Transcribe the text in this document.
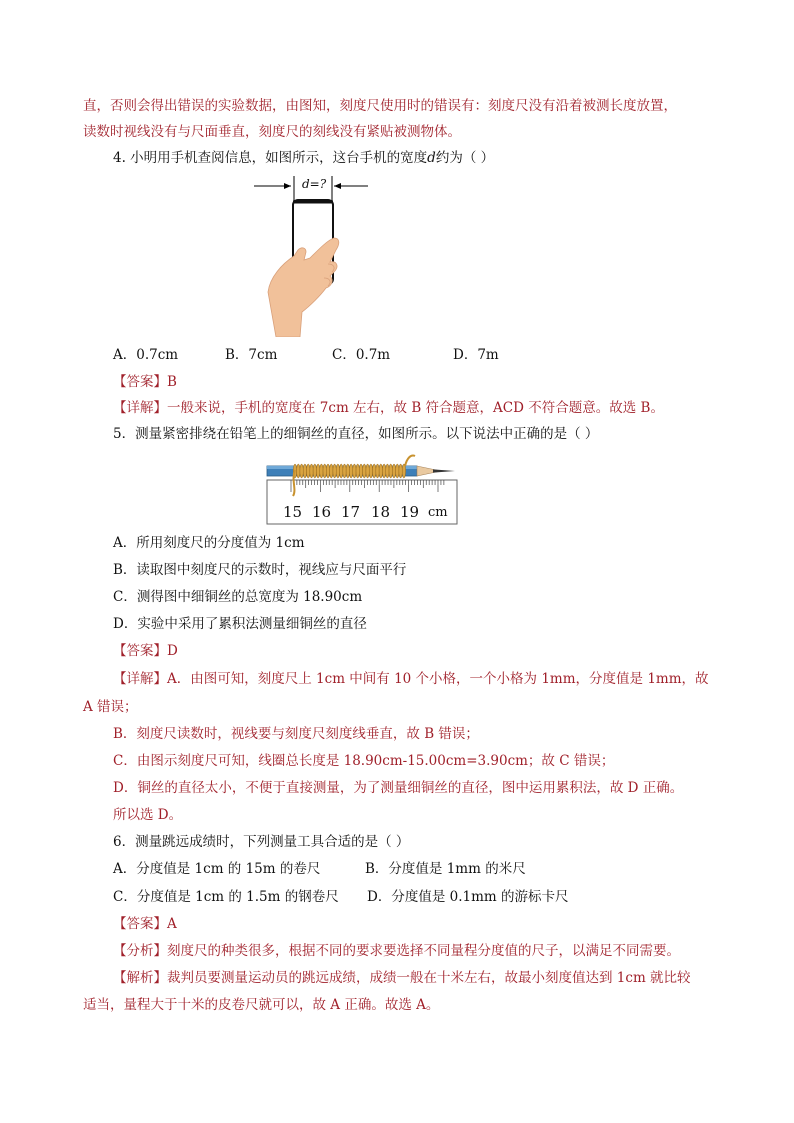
直，否则会得出错误的实验数据，由图知，刻度尺使用时的错误有：刻度尺没有沿着被测长度放置，
读数时视线没有与尺面垂直，刻度尺的刻线没有紧贴被测物体。
4. 小明用手机查阅信息，如图所示，这台手机的宽度d约为（ ）
d=?
A．0.7cm	B．7cm	C．0.7m	D．7m
【答案】B
【详解】一般来说，手机的宽度在 7cm 左右，故 B 符合题意，ACD 不符合题意。故选 B。
5．测量紧密排绕在铅笔上的细铜丝的直径，如图所示。以下说法中正确的是（ ）
15 16 17 18 19 cm
A．所用刻度尺的分度值为 1cm
B．读取图中刻度尺的示数时，视线应与尺面平行
C．测得图中细铜丝的总宽度为 18.90cm
D．实验中采用了累积法测量细铜丝的直径
【答案】D
【详解】A．由图可知，刻度尺上 1cm 中间有 10 个小格，一个小格为 1mm，分度值是 1mm，故
A 错误；
B．刻度尺读数时，视线要与刻度尺刻度线垂直，故 B 错误；
C．由图示刻度尺可知，线圈总长度是 18.90cm-15.00cm=3.90cm；故 C 错误；
D．铜丝的直径太小，不便于直接测量，为了测量细铜丝的直径，图中运用累积法，故 D 正确。
所以选 D。
6．测量跳远成绩时，下列测量工具合适的是（ ）
A．分度值是 1cm 的 15m 的卷尺	B．分度值是 1mm 的米尺
C．分度值是 1cm 的 1.5m 的钢卷尺 D．分度值是 0.1mm 的游标卡尺
【答案】A
【分析】刻度尺的种类很多，根据不同的要求要选择不同量程分度值的尺子，以满足不同需要。
【解析】裁判员要测量运动员的跳远成绩，成绩一般在十米左右，故最小刻度值达到 1cm 就比较
适当，量程大于十米的皮卷尺就可以，故 A 正确。故选 A。
